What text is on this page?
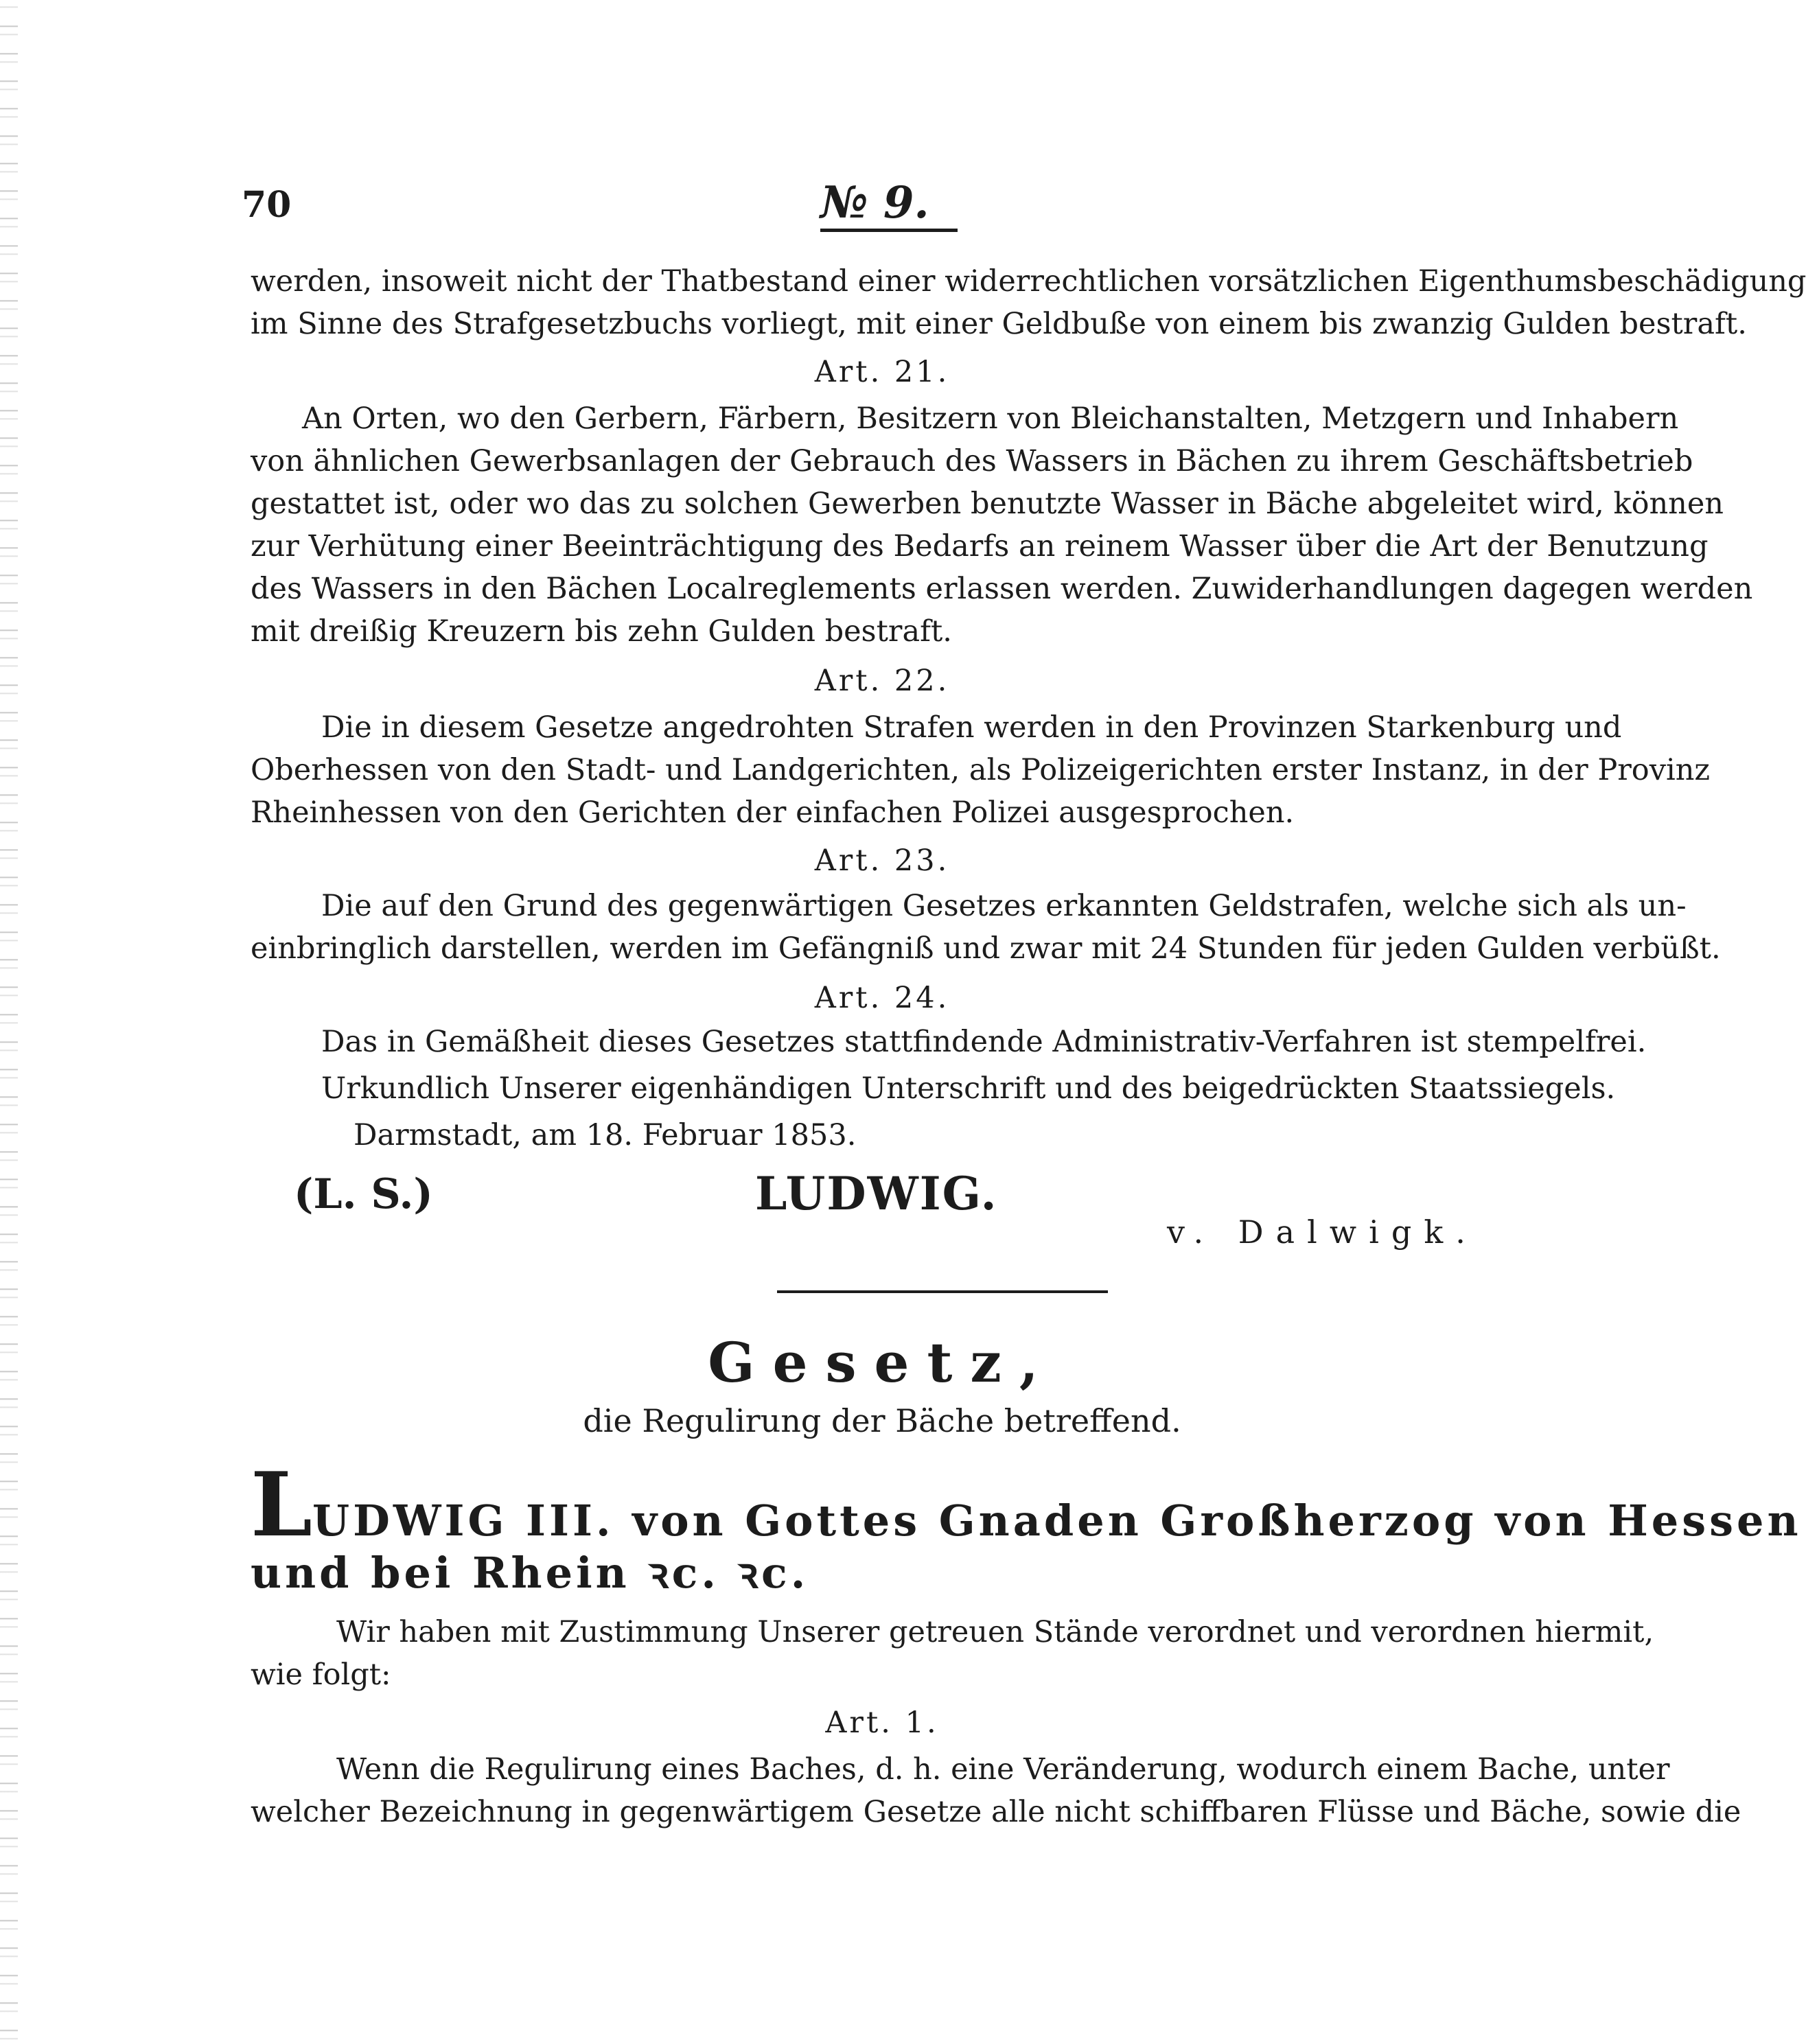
70	№ 9.
werden, insoweit nicht der Thatbestand einer widerrechtlichen vorsätzlichen Eigenthumsbeschädigung
im Sinne des Strafgesetzbuchs vorliegt, mit einer Geldbuße von einem bis zwanzig Gulden bestraft.
Art. 21.
An Orten, wo den Gerbern, Färbern, Besitzern von Bleichanstalten, Metzgern und Inhabern
von ähnlichen Gewerbsanlagen der Gebrauch des Wassers in Bächen zu ihrem Geschäftsbetrieb
gestattet ist, oder wo das zu solchen Gewerben benutzte Wasser in Bäche abgeleitet wird, können
zur Verhütung einer Beeinträchtigung des Bedarfs an reinem Wasser über die Art der Benutzung
des Wassers in den Bächen Localreglements erlassen werden. Zuwiderhandlungen dagegen werden
mit dreißig Kreuzern bis zehn Gulden bestraft.
Art. 22.
Die in diesem Gesetze angedrohten Strafen werden in den Provinzen Starkenburg und
Oberhessen von den Stadt- und Landgerichten, als Polizeigerichten erster Instanz, in der Provinz
Rheinhessen von den Gerichten der einfachen Polizei ausgesprochen.
Art. 23.
Die auf den Grund des gegenwärtigen Gesetzes erkannten Geldstrafen, welche sich als un-
einbringlich darstellen, werden im Gefängniß und zwar mit 24 Stunden für jeden Gulden verbüßt.
Art. 24.
Das in Gemäßheit dieses Gesetzes stattfindende Administrativ-Verfahren ist stempelfrei.
Urkundlich Unserer eigenhändigen Unterschrift und des beigedrückten Staatssiegels.
Darmstadt, am 18. Februar 1853.
(L. S.)	LUDWIG.
v. Dalwigk.
Gesetz,
die Regulirung der Bäche betreffend.
LUDWIG III. von Gottes Gnaden Großherzog von Hessen
und bei Rhein ꝛc. ꝛc.
Wir haben mit Zustimmung Unserer getreuen Stände verordnet und verordnen hiermit,
wie folgt:
Art. 1.
Wenn die Regulirung eines Baches, d. h. eine Veränderung, wodurch einem Bache, unter
welcher Bezeichnung in gegenwärtigem Gesetze alle nicht schiffbaren Flüsse und Bäche, sowie die
